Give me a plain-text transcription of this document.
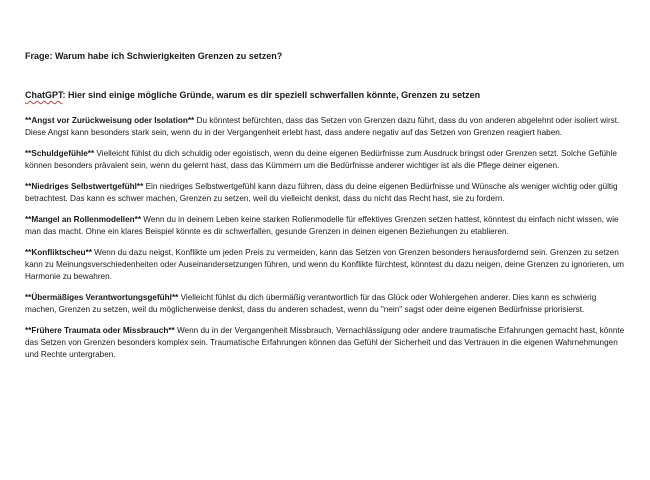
Frage: Warum habe ich Schwierigkeiten Grenzen zu setzen?

ChatGPT: Hier sind einige mögliche Gründe, warum es dir speziell schwerfallen könnte, Grenzen zu setzen

**Angst vor Zurückweisung oder Isolation** Du könntest befürchten, dass das Setzen von Grenzen dazu führt, dass du von anderen abgelehnt oder isoliert wirst. Diese Angst kann besonders stark sein, wenn du in der Vergangenheit erlebt hast, dass andere negativ auf das Setzen von Grenzen reagiert haben.

**Schuldgefühle** Vielleicht fühlst du dich schuldig oder egoistisch, wenn du deine eigenen Bedürfnisse zum Ausdruck bringst oder Grenzen setzt. Solche Gefühle können besonders prävalent sein, wenn du gelernt hast, dass das Kümmern um die Bedürfnisse anderer wichtiger ist als die Pflege deiner eigenen.

**Niedriges Selbstwertgefühl** Ein niedriges Selbstwertgefühl kann dazu führen, dass du deine eigenen Bedürfnisse und Wünsche als weniger wichtig oder gültig betrachtest. Das kann es schwer machen, Grenzen zu setzen, weil du vielleicht denkst, dass du nicht das Recht hast, sie zu fordern.

**Mangel an Rollenmodellen** Wenn du in deinem Leben keine starken Rollenmodelle für effektives Grenzen setzen hattest, könntest du einfach nicht wissen, wie man das macht. Ohne ein klares Beispiel könnte es dir schwerfallen, gesunde Grenzen in deinen eigenen Beziehungen zu etablieren.

**Konfliktscheu** Wenn du dazu neigst, Konflikte um jeden Preis zu vermeiden, kann das Setzen von Grenzen besonders herausfordernd sein. Grenzen zu setzen kann zu Meinungsverschiedenheiten oder Auseinandersetzungen führen, und wenn du Konflikte fürchtest, könntest du dazu neigen, deine Grenzen zu ignorieren, um Harmonie zu bewahren.

**Übermäßiges Verantwortungsgefühl** Vielleicht fühlst du dich übermäßig verantwortlich für das Glück oder Wohlergehen anderer. Dies kann es schwierig machen, Grenzen zu setzen, weil du möglicherweise denkst, dass du anderen schadest, wenn du "nein" sagst oder deine eigenen Bedürfnisse priorisierst.

**Frühere Traumata oder Missbrauch** Wenn du in der Vergangenheit Missbrauch, Vernachlässigung oder andere traumatische Erfahrungen gemacht hast, könnte das Setzen von Grenzen besonders komplex sein. Traumatische Erfahrungen können das Gefühl der Sicherheit und das Vertrauen in die eigenen Wahrnehmungen und Rechte untergraben.
